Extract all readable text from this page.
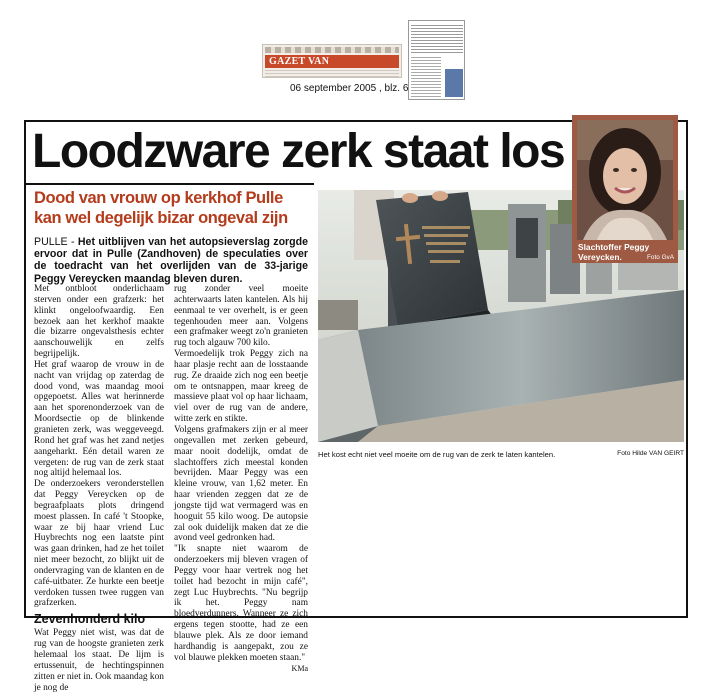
GAZET VAN
06 september 2005 , blz. 6
Loodzware zerk staat los
Dood van vrouw op kerkhof Pulle kan wel degelijk bizar ongeval zijn
PULLE - Het uitblijven van het autopsieverslag zorgde ervoor dat in Pulle (Zandhoven) de speculaties over de toedracht van het overlijden van de 33-jarige Peggy Vereycken maandag bleven duren.

Met ontbloot onderlichaam sterven onder een grafzerk: het klinkt ongeloofwaardig. Een bezoek aan het kerkhof maakte die bizarre ongevalsthesis echter aanschouwelijk en zelfs begrijpelijk.

Het graf waarop de vrouw in de nacht van vrijdag op zaterdag de dood vond, was maandag mooi opgepoetst. Alles wat herinnerde aan het sporenonderzoek van de Moordsectie op de blinkende granieten zerk, was weggeveegd. Rond het graf was het zand netjes aangeharkt. Eén detail waren ze vergeten: de rug van de zerk staat nog altijd helemaal los.

De onderzoekers veronderstellen dat Peggy Vereycken op de begraafplaats plots dringend moest plassen. In café 't Stoopke, waar ze bij haar vriend Luc Huybrechts nog een laatste pint was gaan drinken, had ze het toilet niet meer bezocht, zo blijkt uit de ondervraging van de klanten en de café-uitbater. Ze hurkte een beetje verdoken tussen twee ruggen van grafzerken.

Zevenhonderd kilo

Wat Peggy niet wist, was dat de rug van de hoogste granieten zerk helemaal los staat. De lijm is ertussenuit, de hechtingspinnen zitten er niet in. Ook maandag kon je nog de

rug zonder veel moeite achterwaarts laten kantelen. Als hij eenmaal te ver overhelt, is er geen tegenhouden meer aan. Volgens een grafmaker weegt zo'n granieten rug toch algauw 700 kilo.

Vermoedelijk trok Peggy zich na haar plasje recht aan de losstaande rug. Ze draaide zich nog een beetje om te ontsnappen, maar kreeg de massieve plaat vol op haar lichaam, viel over de rug van de andere, witte zerk en stikte.

Volgens grafmakers zijn er al meer ongevallen met zerken gebeurd, maar nooit dodelijk, omdat de slachtoffers zich meestal konden bevrijden. Maar Peggy was een kleine vrouw, van 1,62 meter. En haar vrienden zeggen dat ze de jongste tijd wat vermagerd was en hooguit 55 kilo woog. De autopsie zal ook duidelijk maken dat ze die avond veel gedronken had.

"Ik snapte niet waarom de onderzoekers mij bleven vragen of Peggy voor haar vertrek nog het toilet had bezocht in mijn café", zegt Luc Huybrechts. "Nu begrijp ik het. Peggy nam bloedverdunners. Wanneer ze zich ergens tegen stootte, had ze een blauwe plek. Als ze door iemand hardhandig is aangepakt, zou ze vol blauwe plekken moeten staan."

KMa
Het kost echt niet veel moeite om de rug van de zerk te laten kantelen.	Foto Hilde VAN GEIRT
Slachtoffer Peggy Vereycken.	Foto GvA
